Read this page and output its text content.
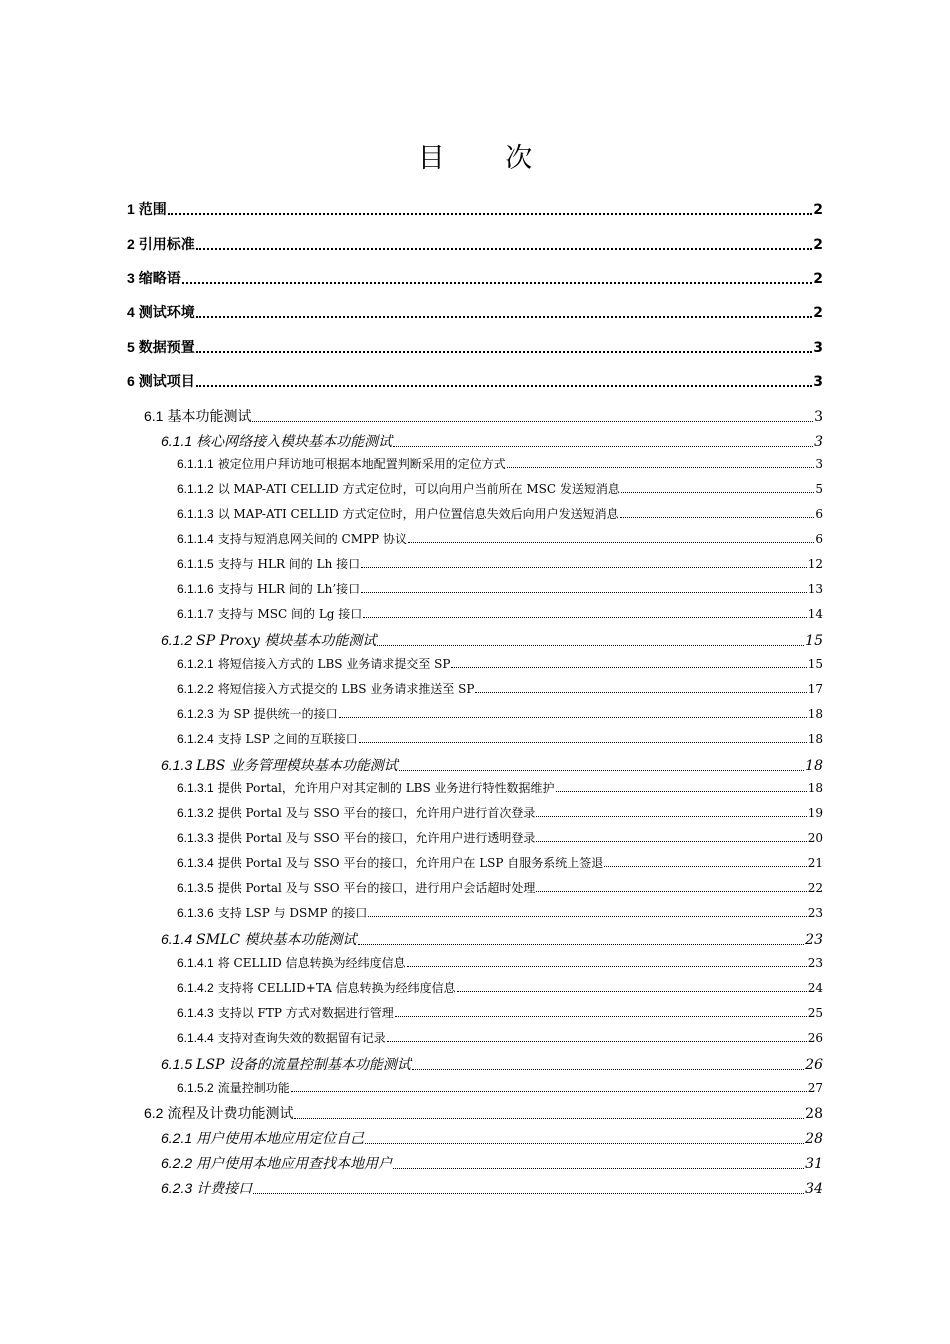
目 次
1 范围	2
2 引用标准	2
3 缩略语	2
4 测试环境	2
5 数据预置	3
6 测试项目	3
6.1 基本功能测试	3
6.1.1 核心网络接入模块基本功能测试	3
6.1.1.1 被定位用户拜访地可根据本地配置判断采用的定位方式	3
6.1.1.2 以 MAP-ATI CELLID 方式定位时，可以向用户当前所在 MSC 发送短消息	5
6.1.1.3 以 MAP-ATI CELLID 方式定位时，用户位置信息失效后向用户发送短消息	6
6.1.1.4 支持与短消息网关间的 CMPP 协议	6
6.1.1.5 支持与 HLR 间的 Lh 接口	12
6.1.1.6 支持与 HLR 间的 Lh’接口	13
6.1.1.7 支持与 MSC 间的 Lg 接口	14
6.1.2 SP Proxy 模块基本功能测试	15
6.1.2.1 将短信接入方式的 LBS 业务请求提交至 SP	15
6.1.2.2 将短信接入方式提交的 LBS 业务请求推送至 SP	17
6.1.2.3 为 SP 提供统一的接口	18
6.1.2.4 支持 LSP 之间的互联接口	18
6.1.3 LBS 业务管理模块基本功能测试	18
6.1.3.1 提供 Portal，允许用户对其定制的 LBS 业务进行特性数据维护	18
6.1.3.2 提供 Portal 及与 SSO 平台的接口，允许用户进行首次登录	19
6.1.3.3 提供 Portal 及与 SSO 平台的接口，允许用户进行透明登录	20
6.1.3.4 提供 Portal 及与 SSO 平台的接口，允许用户在 LSP 自服务系统上签退	21
6.1.3.5 提供 Portal 及与 SSO 平台的接口，进行用户会话超时处理	22
6.1.3.6 支持 LSP 与 DSMP 的接口	23
6.1.4 SMLC 模块基本功能测试	23
6.1.4.1 将 CELLID 信息转换为经纬度信息	23
6.1.4.2 支持将 CELLID+TA 信息转换为经纬度信息	24
6.1.4.3 支持以 FTP 方式对数据进行管理	25
6.1.4.4 支持对查询失效的数据留有记录	26
6.1.5 LSP 设备的流量控制基本功能测试	26
6.1.5.2 流量控制功能	27
6.2 流程及计费功能测试	28
6.2.1 用户使用本地应用定位自己	28
6.2.2 用户使用本地应用查找本地用户	31
6.2.3 计费接口	34
